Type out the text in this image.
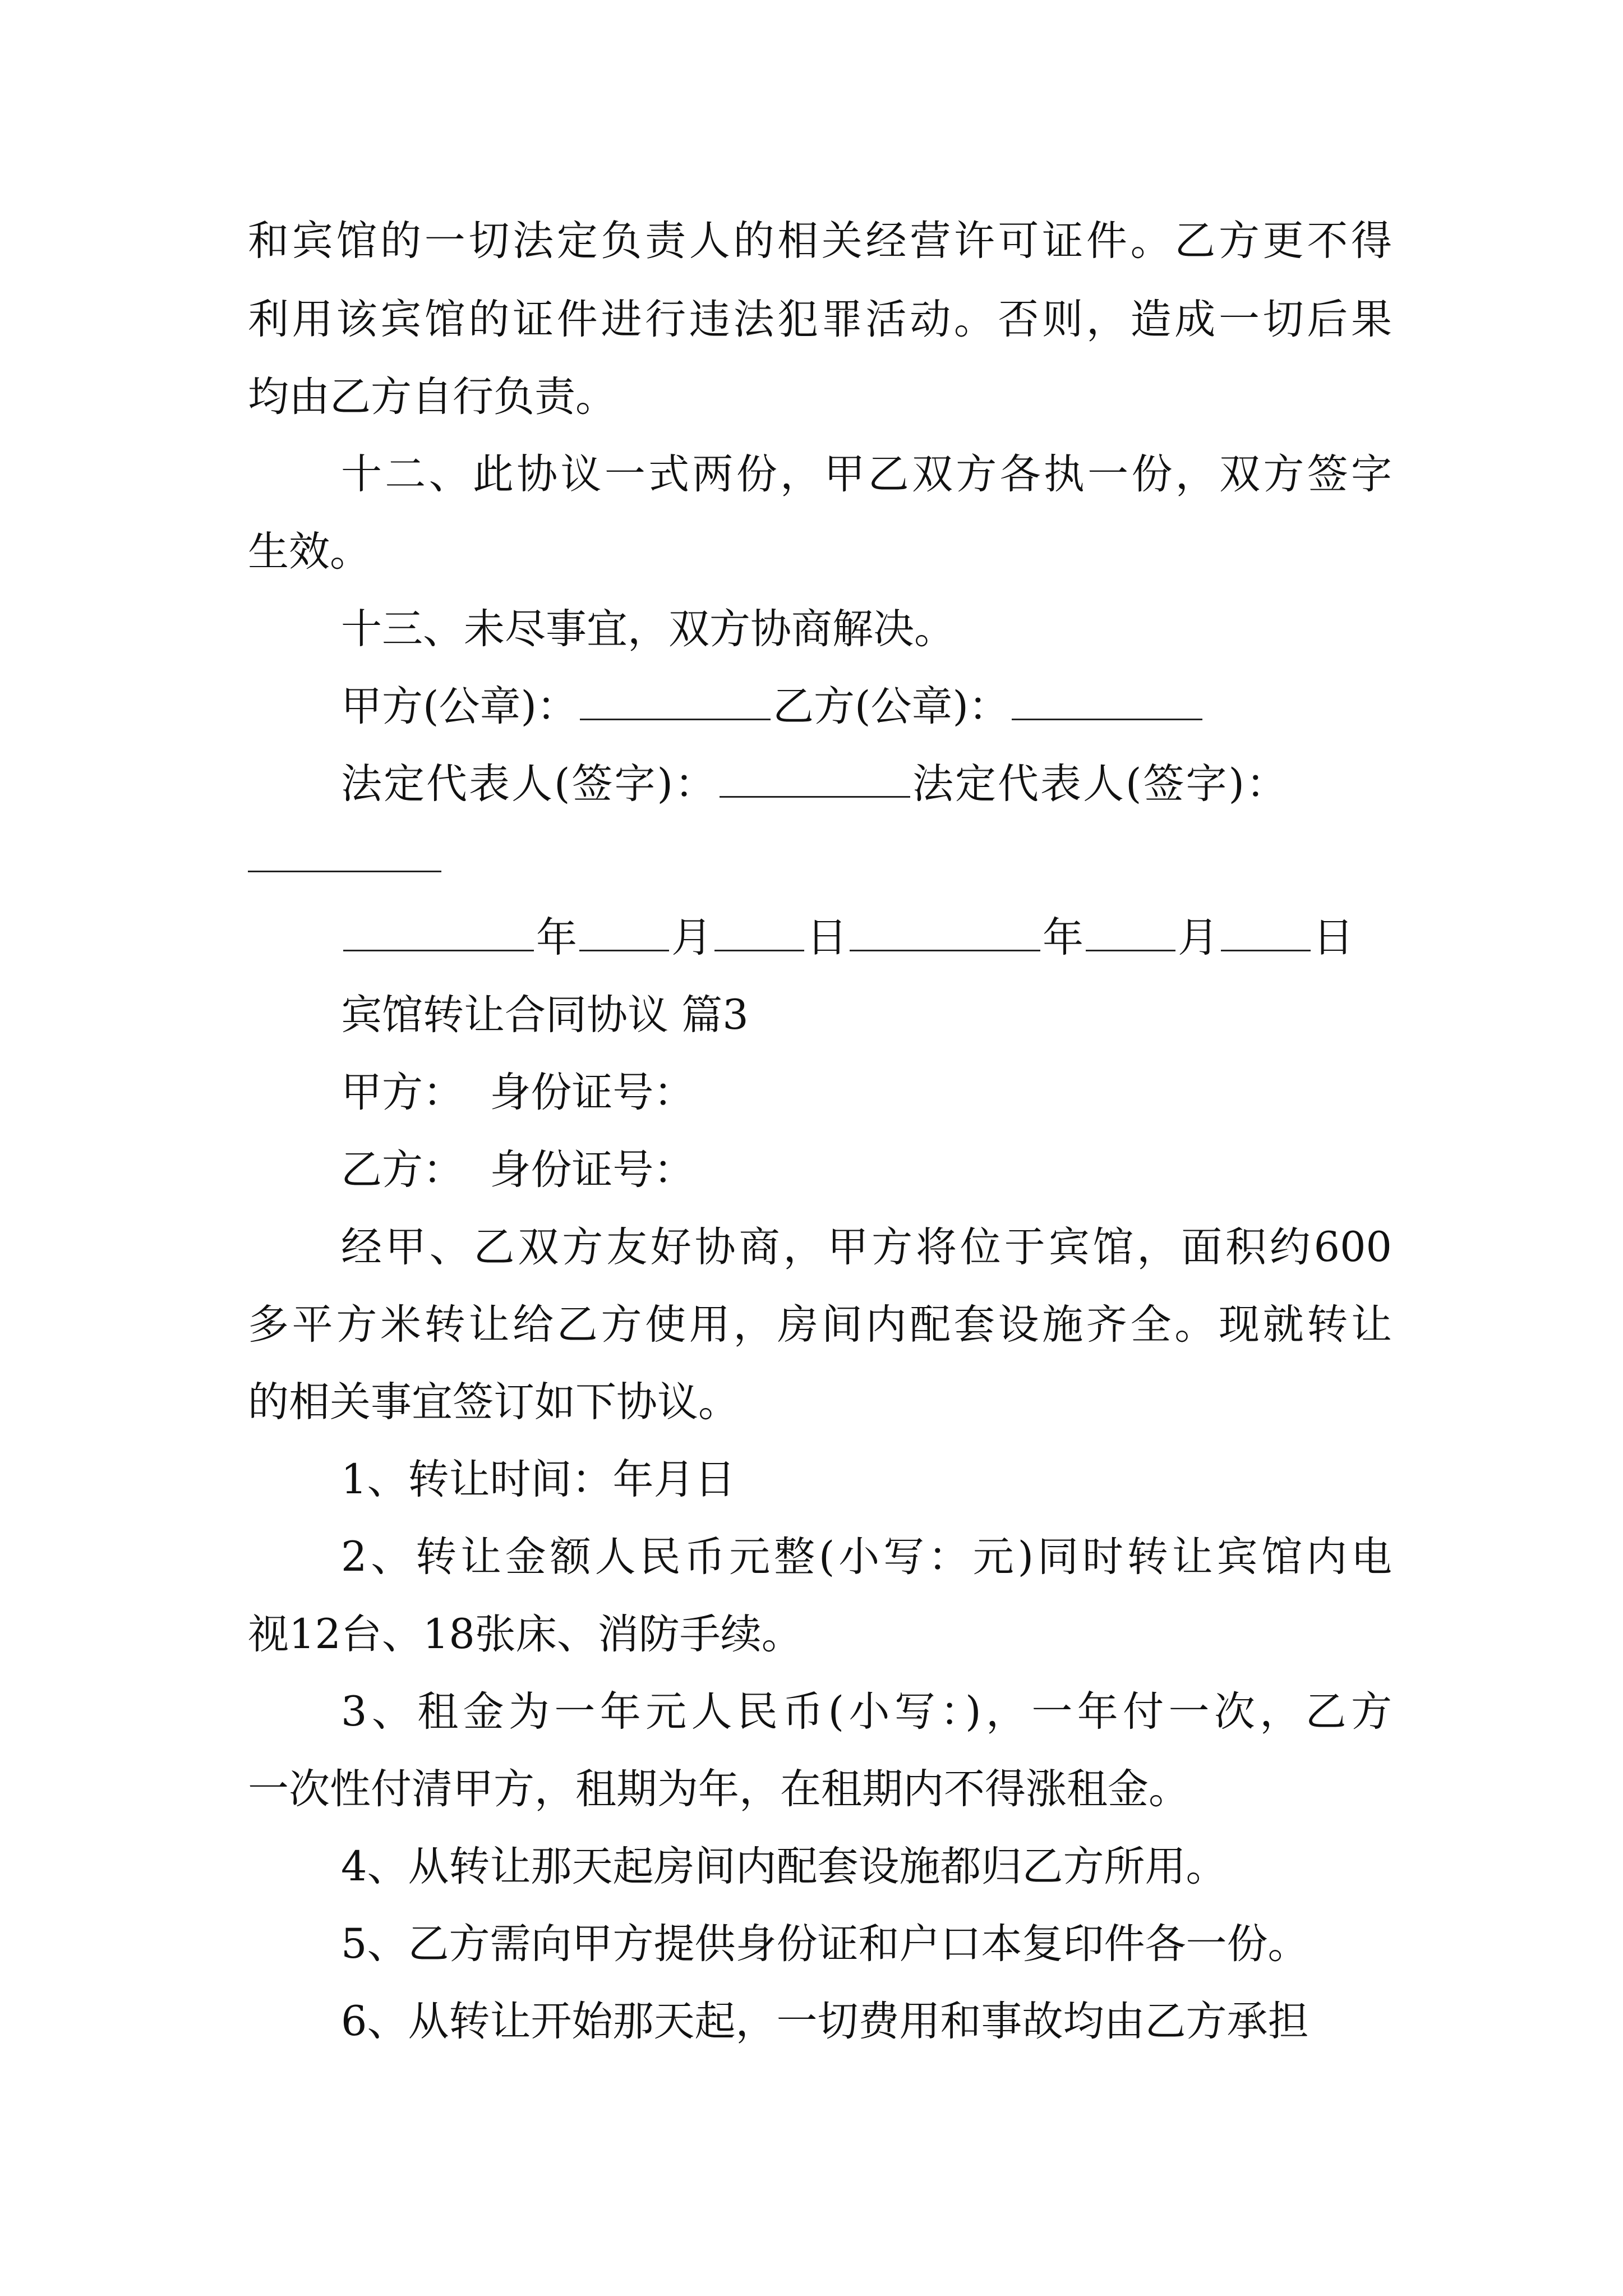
和宾馆的一切法定负责人的相关经营许可证件。乙方更不得
利用该宾馆的证件进行违法犯罪活动。否则，造成一切后果
均由乙方自行负责。
十二、此协议一式两份，甲乙双方各执一份，双方签字
生效。
十三、未尽事宜，双方协商解决。
甲方(公章)：	乙方(公章)：
法定代表人(签字)：	法定代表人(签字)：
年 月 日	年 月 日
宾馆转让合同协议 篇3
甲方：  身份证号：
乙方：  身份证号：
经甲、乙双方友好协商，甲方将位于宾馆，面积约600
多平方米转让给乙方使用，房间内配套设施齐全。现就转让
的相关事宜签订如下协议。
1、转让时间：年月日
2、转让金额人民币元整(小写：元)同时转让宾馆内电
视12台、18张床、消防手续。
3、租金为一年元人民币(小写：)，一年付一次，乙方
一次性付清甲方，租期为年，在租期内不得涨租金。
4、从转让那天起房间内配套设施都归乙方所用。
5、乙方需向甲方提供身份证和户口本复印件各一份。
6、从转让开始那天起，一切费用和事故均由乙方承担
